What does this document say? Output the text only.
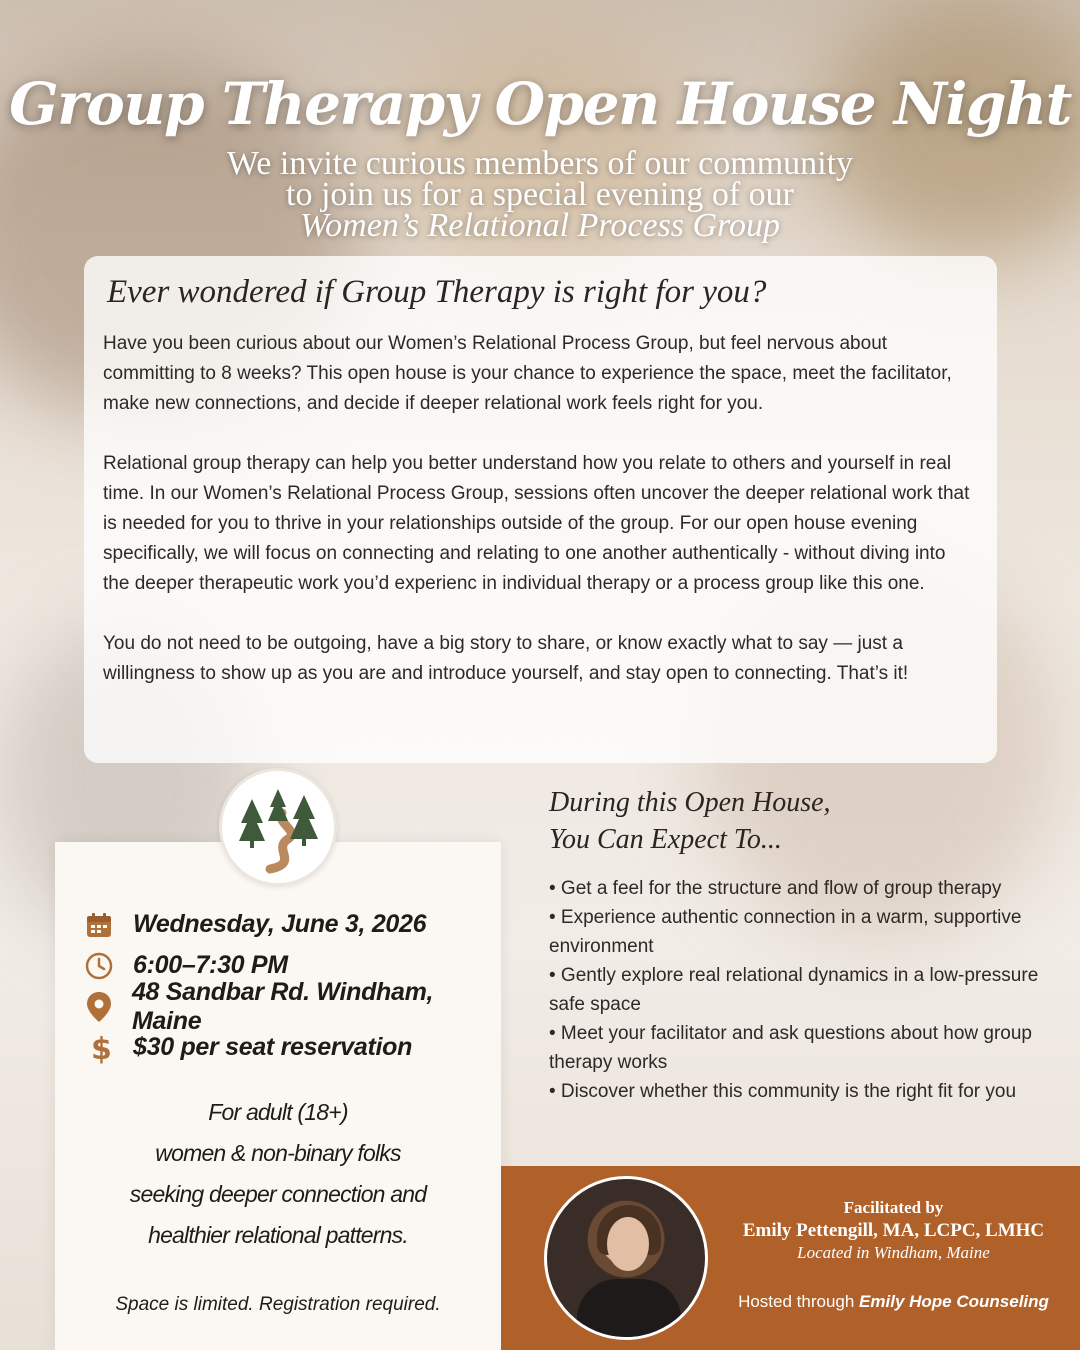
Group Therapy Open House Night
We invite curious members of our community
to join us for a special evening of our
Women’s Relational Process Group
Ever wondered if Group Therapy is right for you?

Have you been curious about our Women’s Relational Process Group, but feel nervous about committing to 8 weeks? This open house is your chance to experience the space, meet the facilitator, make new connections, and decide if deeper relational work feels right for you.

Relational group therapy can help you better understand how you relate to others and yourself in real time. In our Women’s Relational Process Group, sessions often uncover the deeper relational work that is needed for you to thrive in your relationships outside of the group. For our open house evening specifically, we will focus on connecting and relating to one another authentically - without diving into the deeper therapeutic work you’d experienc in individual therapy or a process group like this one.

You do not need to be outgoing, have a big story to share, or know exactly what to say — just a willingness to show up as you are and introduce yourself, and stay open to connecting. That’s it!

Wednesday, June 3, 2026
6:00–7:30 PM
48 Sandbar Rd. Windham, Maine
$ $30 per seat reservation
For adult (18+)
women & non-binary folks
seeking deeper connection and
healthier relational patterns.
Space is limited. Registration required.
During this Open House,
You Can Expect To...
• Get a feel for the structure and flow of group therapy
• Experience authentic connection in a warm, supportive environment
• Gently explore real relational dynamics in a low-pressure safe space
• Meet your facilitator and ask questions about how group therapy works
• Discover whether this community is the right fit for you
Facilitated by
Emily Pettengill, MA, LCPC, LMHC
Located in Windham, Maine
Hosted through Emily Hope Counseling
